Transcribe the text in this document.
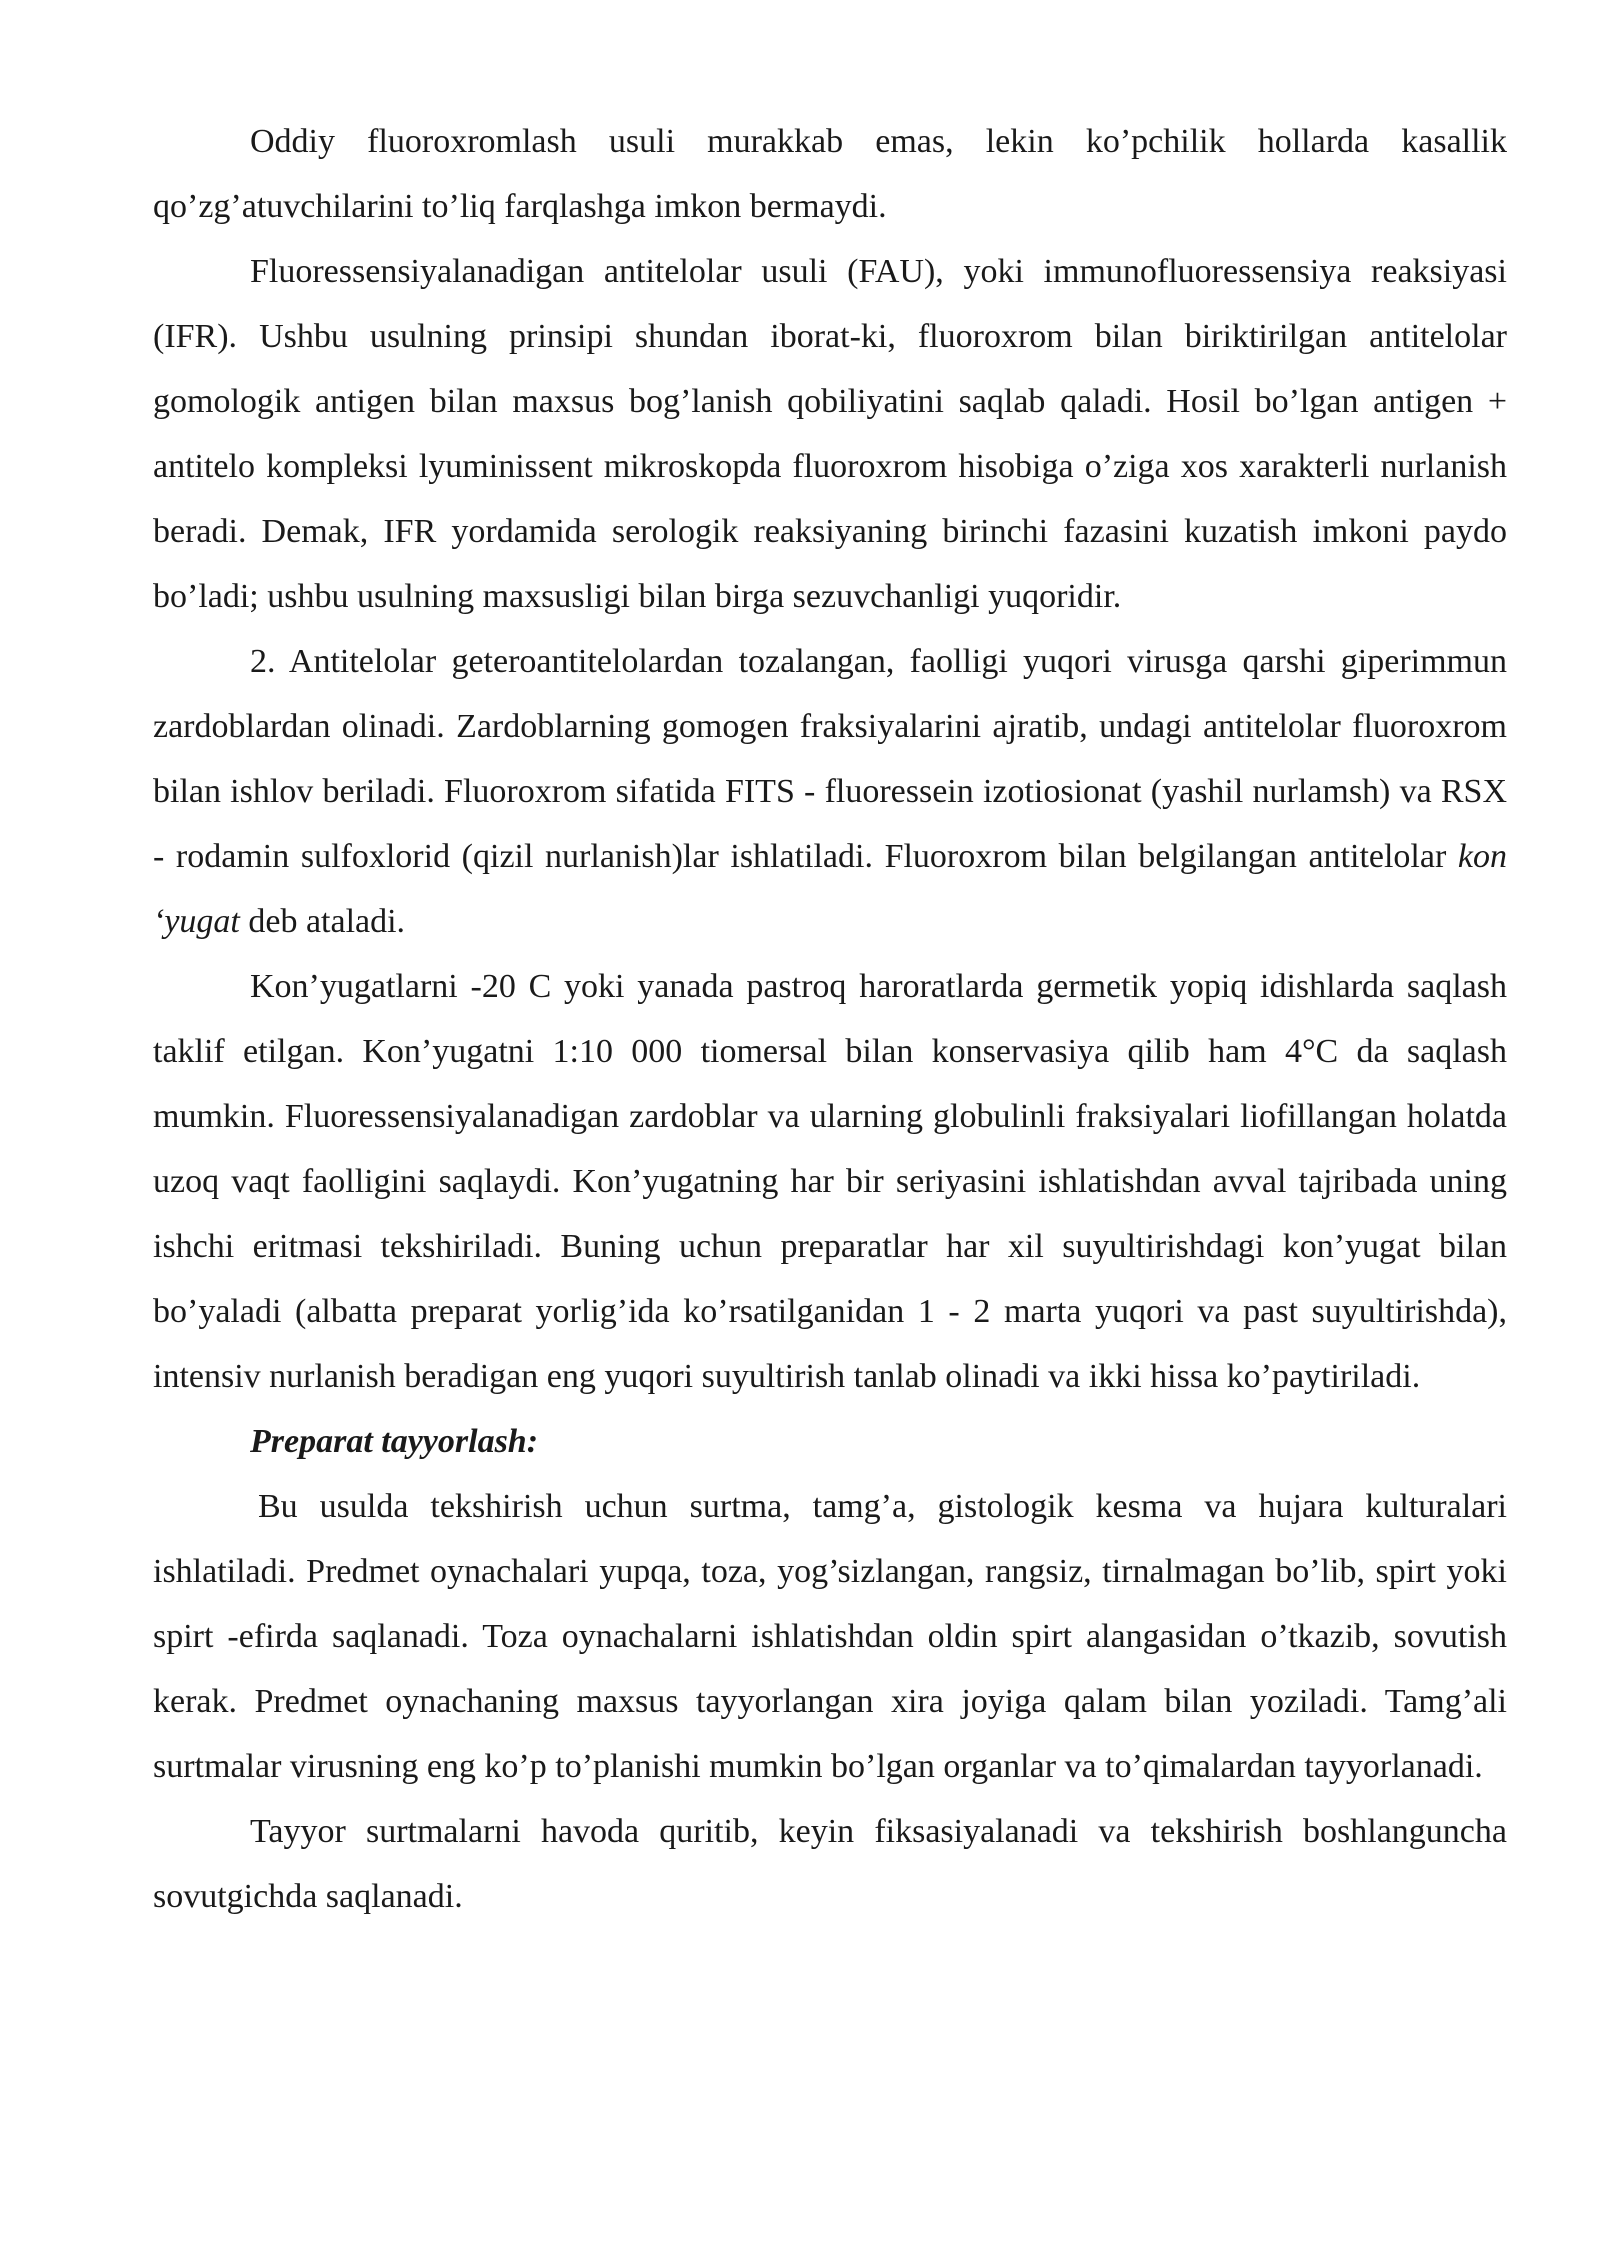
Oddiy fluoroxromlash usuli murakkab emas, lekin ko’pchilik hollarda kasallik qo’zg’atuvchilarini to’liq farqlashga imkon bermaydi.

Fluoressensiyalanadigan antitelolar usuli (FAU), yoki immunofluoressensiya reaksiyasi (IFR). Ushbu usulning prinsipi shundan iborat-ki, fluoroxrom bilan biriktirilgan antitelolar gomologik antigen bilan maxsus bog’lanish qobiliyatini saqlab qaladi. Hosil bo’lgan antigen + antitelo kompleksi lyuminissent mikroskopda fluoroxrom hisobiga o’ziga xos xarakterli nurlanish beradi. Demak, IFR yordamida serologik reaksiyaning birinchi fazasini kuzatish imkoni paydo bo’ladi; ushbu usulning maxsusligi bilan birga sezuvchanligi yuqoridir.

2. Antitelolar geteroantitelolardan tozalangan, faolligi yuqori virusga qarshi giperimmun zardoblardan olinadi. Zardoblarning gomogen fraksiyalarini ajratib, undagi antitelolar fluoroxrom bilan ishlov beriladi. Fluoroxrom sifatida FITS - fluoressein izotiosionat (yashil nurlamsh) va RSX - rodamin sulfoxlorid (qizil nurlanish)lar ishlatiladi. Fluoroxrom bilan belgilangan antitelolar kon ‘yugat deb ataladi.

Kon’yugatlarni -20 C yoki yanada pastroq haroratlarda germetik yopiq idishlarda saqlash taklif etilgan. Kon’yugatni 1:10 000 tiomersal bilan konservasiya qilib ham 4°C da saqlash mumkin. Fluoressensiyalanadigan zardoblar va ularning globulinli fraksiyalari liofillangan holatda uzoq vaqt faolligini saqlaydi. Kon’yugatning har bir seriyasini ishlatishdan avval tajribada uning ishchi eritmasi tekshiriladi. Buning uchun preparatlar har xil suyultirishdagi kon’yugat bilan bo’yaladi (albatta preparat yorlig’ida ko’rsatilganidan 1 - 2 marta yuqori va past suyultirishda), intensiv nurlanish beradigan eng yuqori suyultirish tanlab olinadi va ikki hissa ko’paytiriladi.

Preparat tayyorlash:

Bu usulda tekshirish uchun surtma, tamg’a, gistologik kesma va hujara kulturalari ishlatiladi. Predmet oynachalari yupqa, toza, yog’sizlangan, rangsiz, tirnalmagan bo’lib, spirt yoki spirt -efirda saqlanadi. Toza oynachalarni ishlatishdan oldin spirt alangasidan o’tkazib, sovutish kerak. Predmet oynachaning maxsus tayyorlangan xira joyiga qalam bilan yoziladi. Tamg’ali surtmalar virusning eng ko’p to’planishi mumkin bo’lgan organlar va to’qimalardan tayyorlanadi.

Tayyor surtmalarni havoda quritib, keyin fiksasiyalanadi va tekshirish boshlanguncha sovutgichda saqlanadi.
